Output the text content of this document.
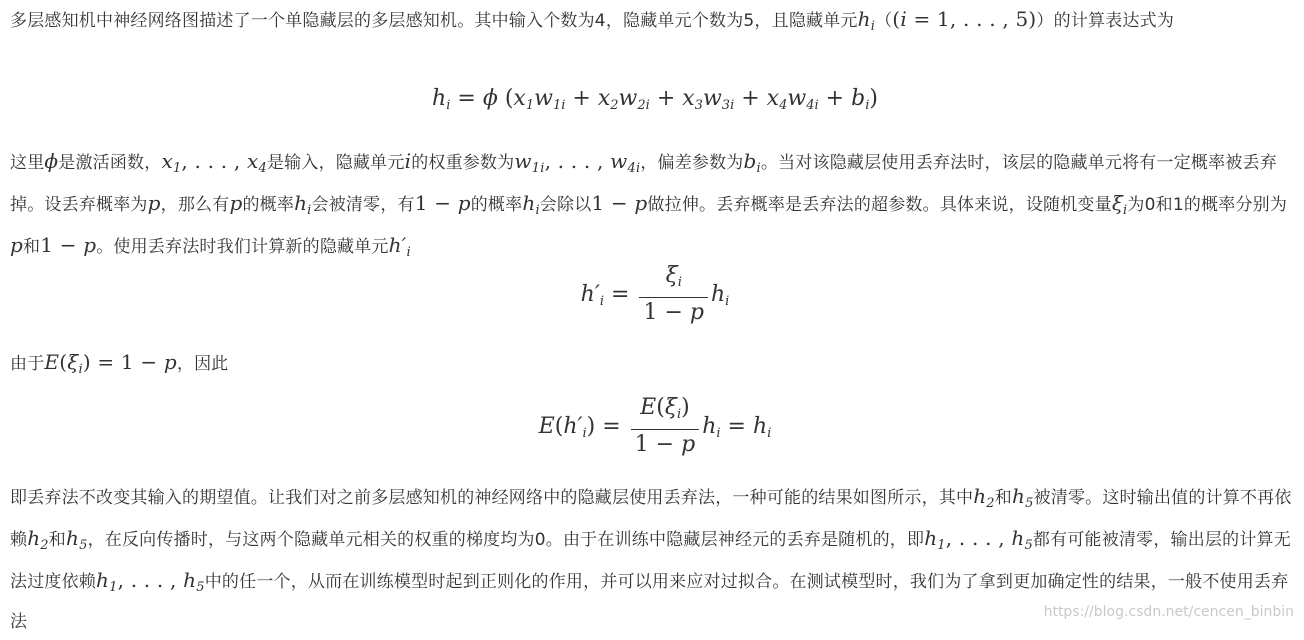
多层感知机中神经网络图描述了一个单隐藏层的多层感知机。其中输入个数为4，隐藏单元个数为5，且隐藏单元$h_i((i = 1$, . . . , 5)）的计算表达式为

$h_i = \phi$ $(x_1w_{1i} + x_2w_{2i} + x_3w_{3i} + x_4w_{4i} + b_i)$

这里ϕ是激活函数，$x_1$, . . . , $x_4$是输入，隐藏单元i的权重参数为$w_{1i}$, . . . , $w_{4i}$，偏差参数为$b_i$。当对该隐藏层使用丢弃法时，该层的隐藏单元将有一定概率被丢弃掉。设丢弃概率为p，那么有p的概率$h_i$会被清零，有1 − p的概率$h_i$会除以1 − p做拉伸。丢弃概率是丢弃法的超参数。具体来说，设随机变量$\xi_i$为0和1的概率分别为p和1 − p。使用丢弃法时我们计算新的隐藏单元$h'_i$

$h'_i = \frac{\xi_i}{1 - p} h_i$

由于$E(\xi_i) = 1 - p$，因此

$E(h'_i) = \frac{E(\xi_i)}{1 - p} h_i = h_i$

即丢弃法不改变其输入的期望值。让我们对之前多层感知机的神经网络中的隐藏层使用丢弃法，一种可能的结果如图所示，其中$h_2$和$h_5$被清零。这时输出值的计算不再依赖$h_2$和$h_5$，在反向传播时，与这两个隐藏单元相关的权重的梯度均为0。由于在训练中隐藏层神经元的丢弃是随机的，即$h_1$, . . . , $h_5$都有可能被清零，输出层的计算无法过度依赖$h_1$, . . . , $h_5$中的任一个，从而在训练模型时起到正则化的作用，并可以用来应对过拟合。在测试模型时，我们为了拿到更加确定性的结果，一般不使用丢弃法	https://blog.csdn.net/cencen_binbin
